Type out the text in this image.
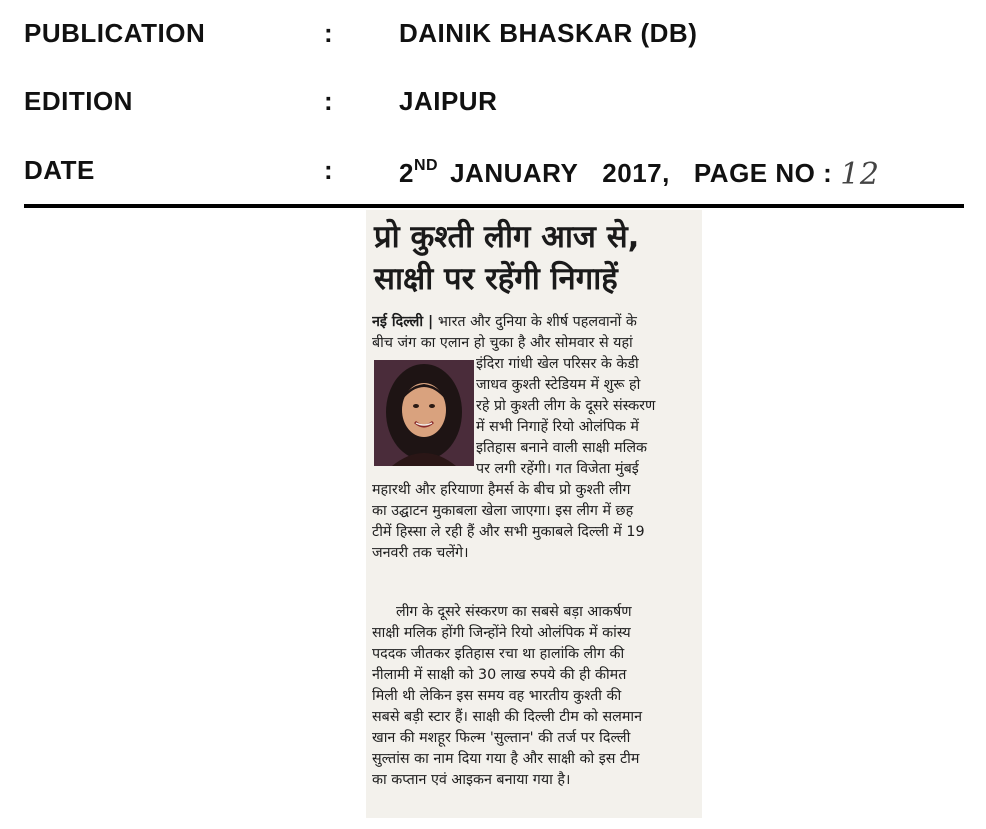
PUBLICATION	:	DAINIK BHASKAR (DB)
EDITION	:	JAIPUR
DATE	:	2ND JANUARY 2017, PAGE NO : 12
प्रो कुश्ती लीग आज से,
साक्षी पर रहेंगी निगाहें
नई दिल्ली | भारत और दुनिया के शीर्ष पहलवानों के
बीच जंग का एलान हो चुका है और सोमवार से यहां
इंदिरा गांधी खेल परिसर के केडी
जाधव कुश्ती स्टेडियम में शुरू हो
रहे प्रो कुश्ती लीग के दूसरे संस्करण
में सभी निगाहें रियो ओलंपिक में
इतिहास बनाने वाली साक्षी मलिक
पर लगी रहेंगी। गत विजेता मुंबई
महारथी और हरियाणा हैमर्स के बीच प्रो कुश्ती लीग
का उद्घाटन मुकाबला खेला जाएगा। इस लीग में छह
टीमें हिस्सा ले रही हैं और सभी मुकाबले दिल्ली में 19
जनवरी तक चलेंगे।
लीग के दूसरे संस्करण का सबसे बड़ा आकर्षण
साक्षी मलिक होंगी जिन्होंने रियो ओलंपिक में कांस्य
पददक जीतकर इतिहास रचा था हालांकि लीग की
नीलामी में साक्षी को 30 लाख रुपये की ही कीमत
मिली थी लेकिन इस समय वह भारतीय कुश्ती की
सबसे बड़ी स्टार हैं। साक्षी की दिल्ली टीम को सलमान
खान की मशहूर फिल्म 'सुल्तान' की तर्ज पर दिल्ली
सुल्तांस का नाम दिया गया है और साक्षी को इस टीम
का कप्तान एवं आइकन बनाया गया है।
